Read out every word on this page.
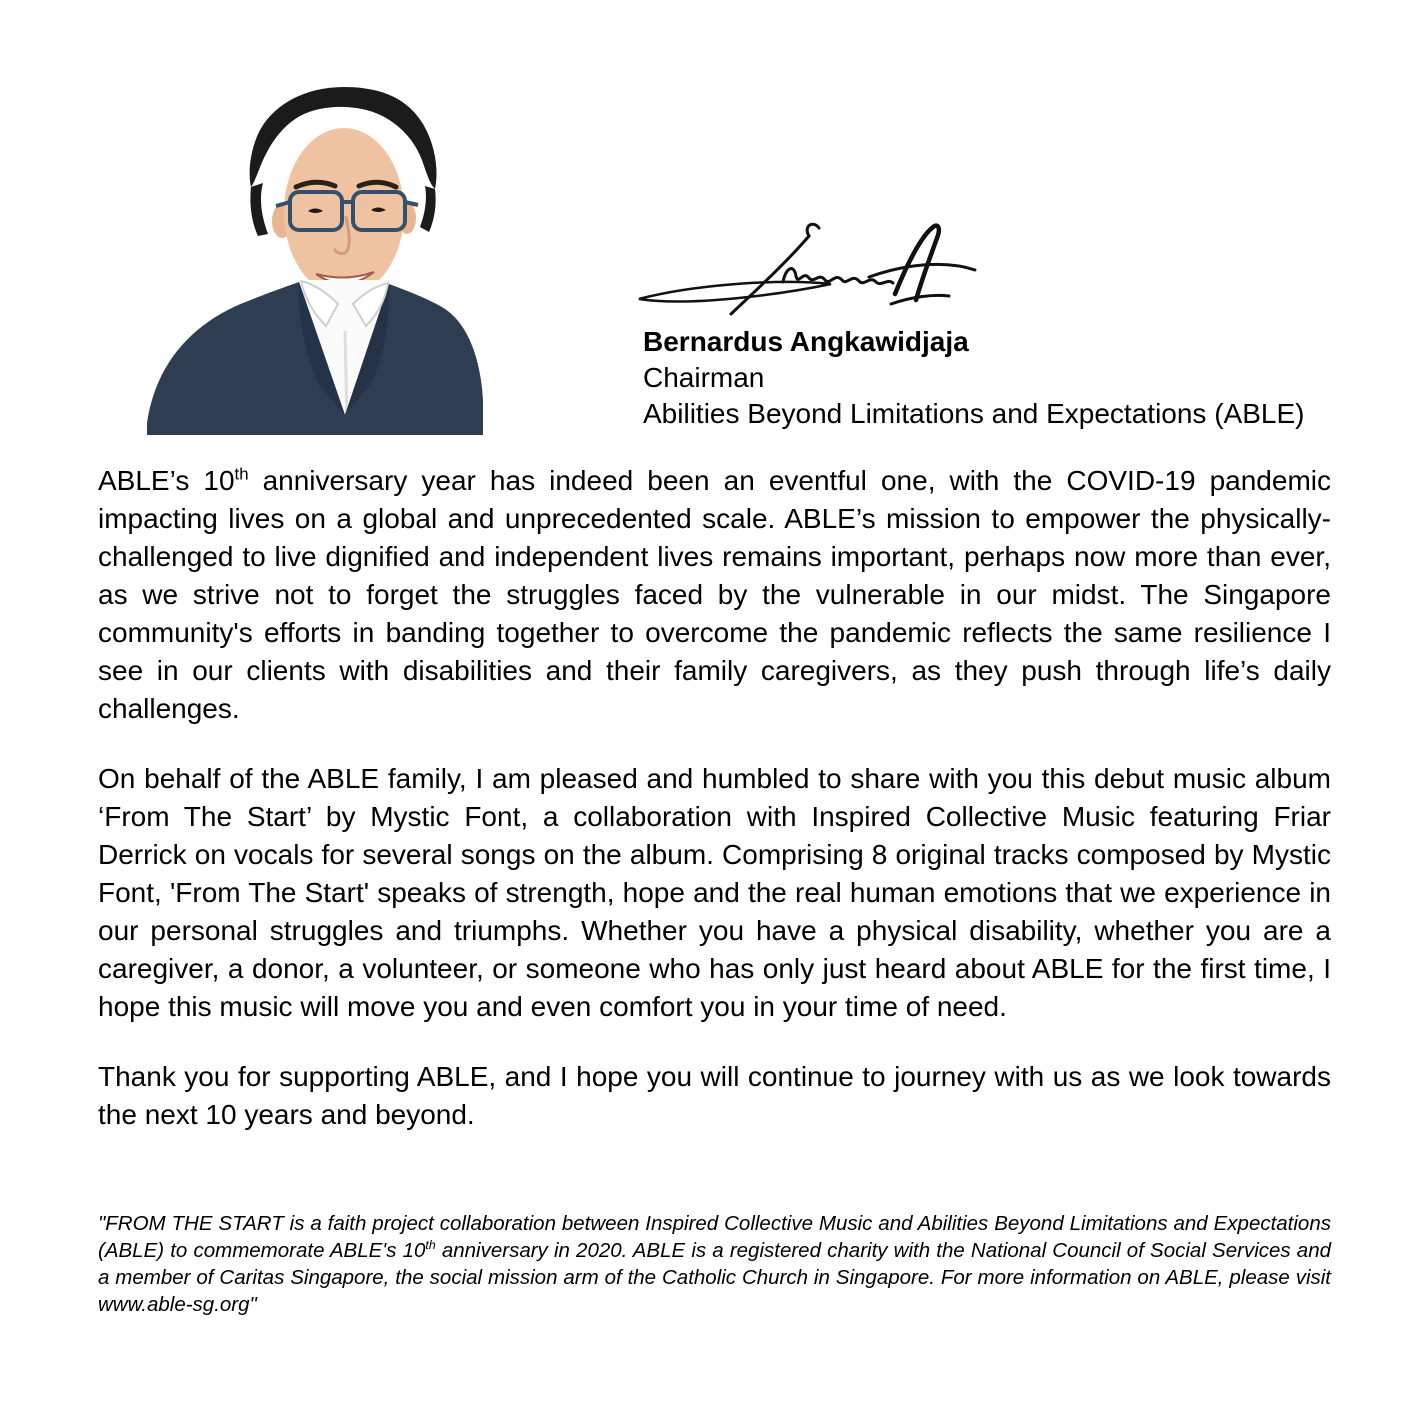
Bernardus Angkawidjaja
Chairman
Abilities Beyond Limitations and Expectations (ABLE)

ABLE’s 10th anniversary year has indeed been an eventful one, with the COVID-19 pandemic impacting lives on a global and unprecedented scale. ABLE’s mission to empower the physically-challenged to live dignified and independent lives remains important, perhaps now more than ever, as we strive not to forget the struggles faced by the vulnerable in our midst. The Singapore community's efforts in banding together to overcome the pandemic reflects the same resilience I see in our clients with disabilities and their family caregivers, as they push through life’s daily challenges.

On behalf of the ABLE family, I am pleased and humbled to share with you this debut music album ‘From The Start’ by Mystic Font, a collaboration with Inspired Collective Music featuring Friar Derrick on vocals for several songs on the album. Comprising 8 original tracks composed by Mystic Font, 'From The Start' speaks of strength, hope and the real human emotions that we experience in our personal struggles and triumphs. Whether you have a physical disability, whether you are a caregiver, a donor, a volunteer, or someone who has only just heard about ABLE for the first time, I hope this music will move you and even comfort you in your time of need.

Thank you for supporting ABLE, and I hope you will continue to journey with us as we look towards the next 10 years and beyond.

"FROM THE START is a faith project collaboration between Inspired Collective Music and Abilities Beyond Limitations and Expectations (ABLE) to commemorate ABLE's 10th anniversary in 2020. ABLE is a registered charity with the National Council of Social Services and a member of Caritas Singapore, the social mission arm of the Catholic Church in Singapore. For more information on ABLE, please visit www.able-sg.org"
